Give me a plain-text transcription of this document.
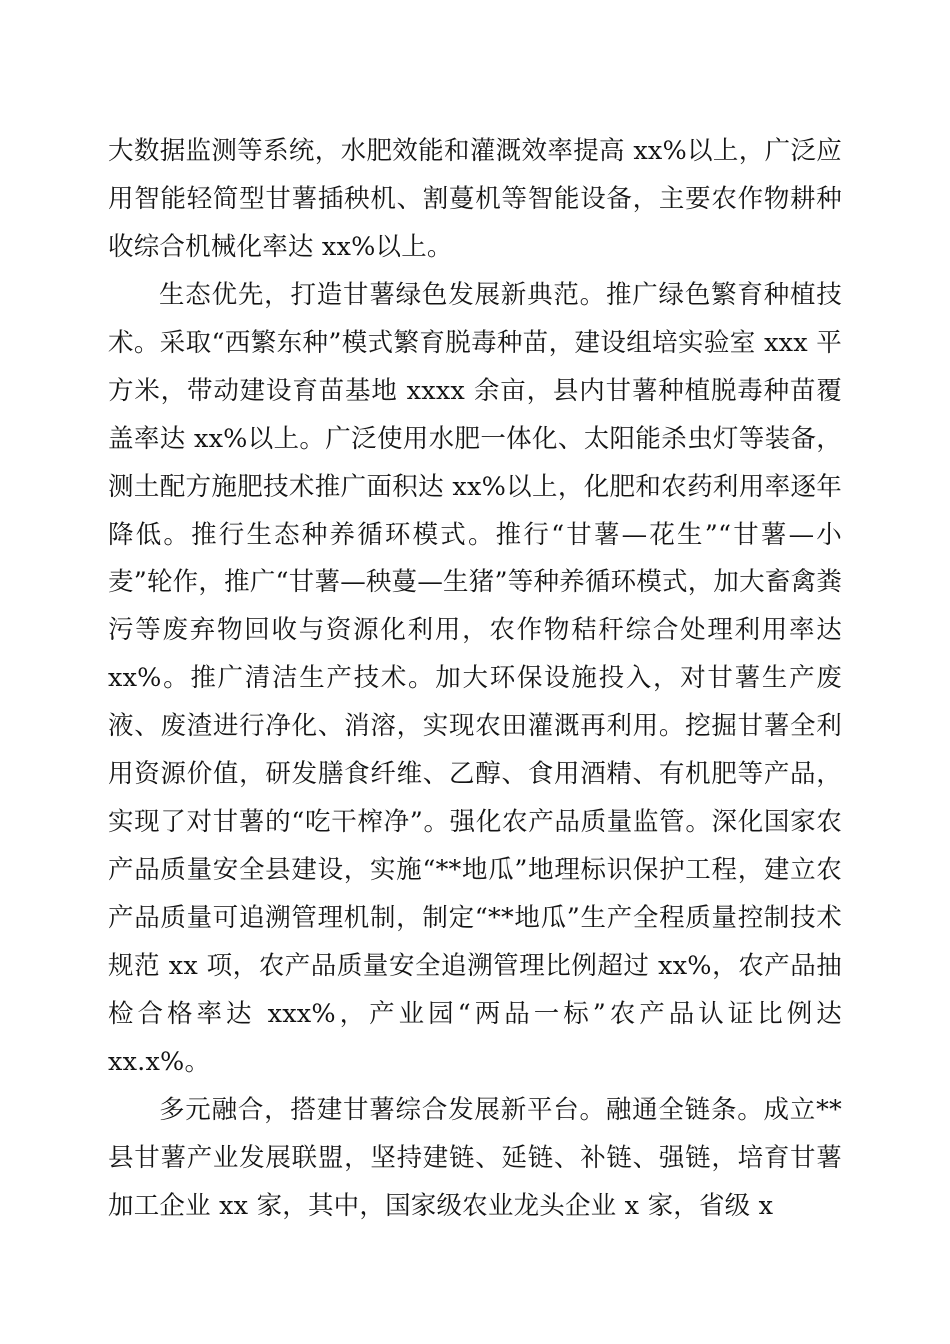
大数据监测等系统，水肥效能和灌溉效率提高 xx%以上，广泛应用智能轻简型甘薯插秧机、割蔓机等智能设备，主要农作物耕种收综合机械化率达 xx%以上。

生态优先，打造甘薯绿色发展新典范。推广绿色繁育种植技术。采取“西繁东种”模式繁育脱毒种苗，建设组培实验室 xxx 平方米，带动建设育苗基地 xxxx 余亩，县内甘薯种植脱毒种苗覆盖率达 xx%以上。广泛使用水肥一体化、太阳能杀虫灯等装备，测土配方施肥技术推广面积达 xx%以上，化肥和农药利用率逐年降低。推行生态种养循环模式。推行“甘薯—花生”“甘薯—小麦”轮作，推广“甘薯—秧蔓—生猪”等种养循环模式，加大畜禽粪污等废弃物回收与资源化利用，农作物秸秆综合处理利用率达 xx%。推广清洁生产技术。加大环保设施投入，对甘薯生产废液、废渣进行净化、消溶，实现农田灌溉再利用。挖掘甘薯全利用资源价值，研发膳食纤维、乙醇、食用酒精、有机肥等产品，实现了对甘薯的“吃干榨净”。强化农产品质量监管。深化国家农产品质量安全县建设，实施“**地瓜”地理标识保护工程，建立农产品质量可追溯管理机制，制定“**地瓜”生产全程质量控制技术规范 xx 项，农产品质量安全追溯管理比例超过 xx%，农产品抽检合格率达 xxx%，产业园“两品一标”农产品认证比例达 xx.x%。

多元融合，搭建甘薯综合发展新平台。融通全链条。成立**县甘薯产业发展联盟，坚持建链、延链、补链、强链，培育甘薯加工企业 xx 家，其中，国家级农业龙头企业 x 家，省级 x
